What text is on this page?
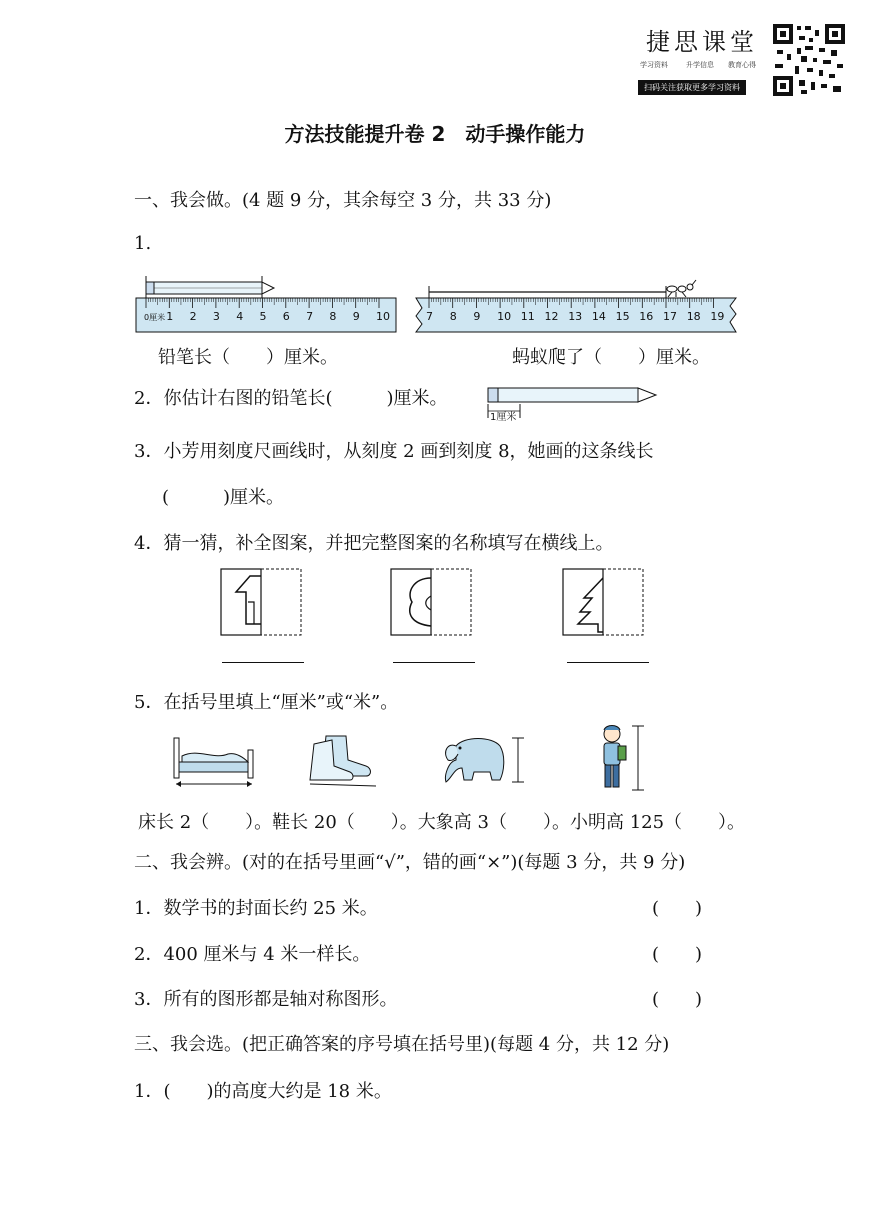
捷思课堂
学习资料	升学信息 教育心得
扫码关注获取更多学习资料
方法技能提升卷 2　动手操作能力
一、我会做。(4 题 9 分，其余每空 3 分，共 33 分)
1.
0厘米 1 2 3 4 5 6 7 8 9 10	7 8 9 10 11 12 13 14 15 16 17 18 19
铅笔长（　　）厘米。	蚂蚁爬了（　　）厘米。
2．你估计右图的铅笔长(　　　)厘米。
1厘米
3．小芳用刻度尺画线时，从刻度 2 画到刻度 8，她画的这条线长
(　　　)厘米。
4．猜一猜，补全图案，并把完整图案的名称填写在横线上。
5．在括号里填上“厘米”或“米”。
床长 2（　　）。鞋长 20（　　）。大象高 3（　　）。小明高 125（　　）。
二、我会辨。(对的在括号里画“√”，错的画“×”)(每题 3 分，共 9 分)
1．数学书的封面长约 25 米。	(　　)
2．400 厘米与 4 米一样长。	(　　)
3．所有的图形都是轴对称图形。	(　　)
三、我会选。(把正确答案的序号填在括号里)(每题 4 分，共 12 分)
1．(　　)的高度大约是 18 米。
